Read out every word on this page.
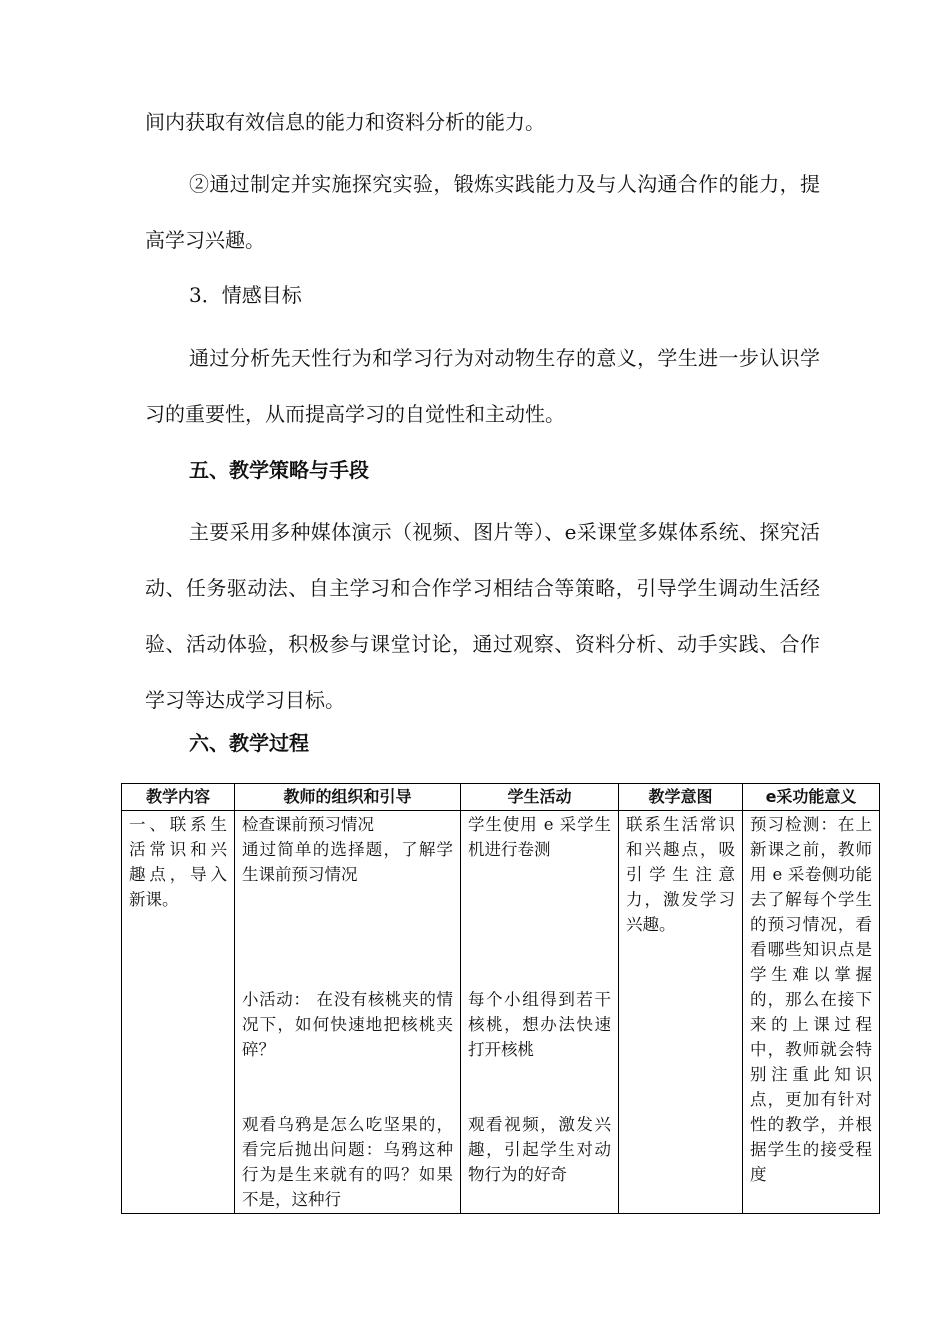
间内获取有效信息的能力和资料分析的能力。

②通过制定并实施探究实验，锻炼实践能力及与人沟通合作的能力，提高学习兴趣。

3．情感目标

通过分析先天性行为和学习行为对动物生存的意义，学生进一步认识学习的重要性，从而提高学习的自觉性和主动性。

五、教学策略与手段

主要采用多种媒体演示（视频、图片等）、e采课堂多媒体系统、探究活动、任务驱动法、自主学习和合作学习相结合等策略，引导学生调动生活经验、活动体验，积极参与课堂讨论，通过观察、资料分析、动手实践、合作学习等达成学习目标。

六、教学过程

教学内容	教师的组织和引导	学生活动	教学意图	e采功能意义
一、联系生活常识和兴趣点，导入新课。	检查课前预习情况
通过简单的选择题，了解学生课前预习情况
小活动： 在没有核桃夹的情况下，如何快速地把核桃夹碎？
观看乌鸦是怎么吃坚果的，看完后抛出问题：乌鸦这种行为是生来就有的吗？如果不是，这种行	学生使用 e 采学生机进行卷测
每个小组得到若干核桃，想办法快速打开核桃
观看视频，激发兴趣，引起学生对动物行为的好奇	联系生活常识和兴趣点，吸引学生注意力，激发学习兴趣。	预习检测：在上新课之前，教师用 e 采卷侧功能去了解每个学生的预习情况，看看哪些知识点是学生难以掌握的，那么在接下来的上课过程中，教师就会特别注重此知识点，更加有针对性的教学，并根据学生的接受程度
